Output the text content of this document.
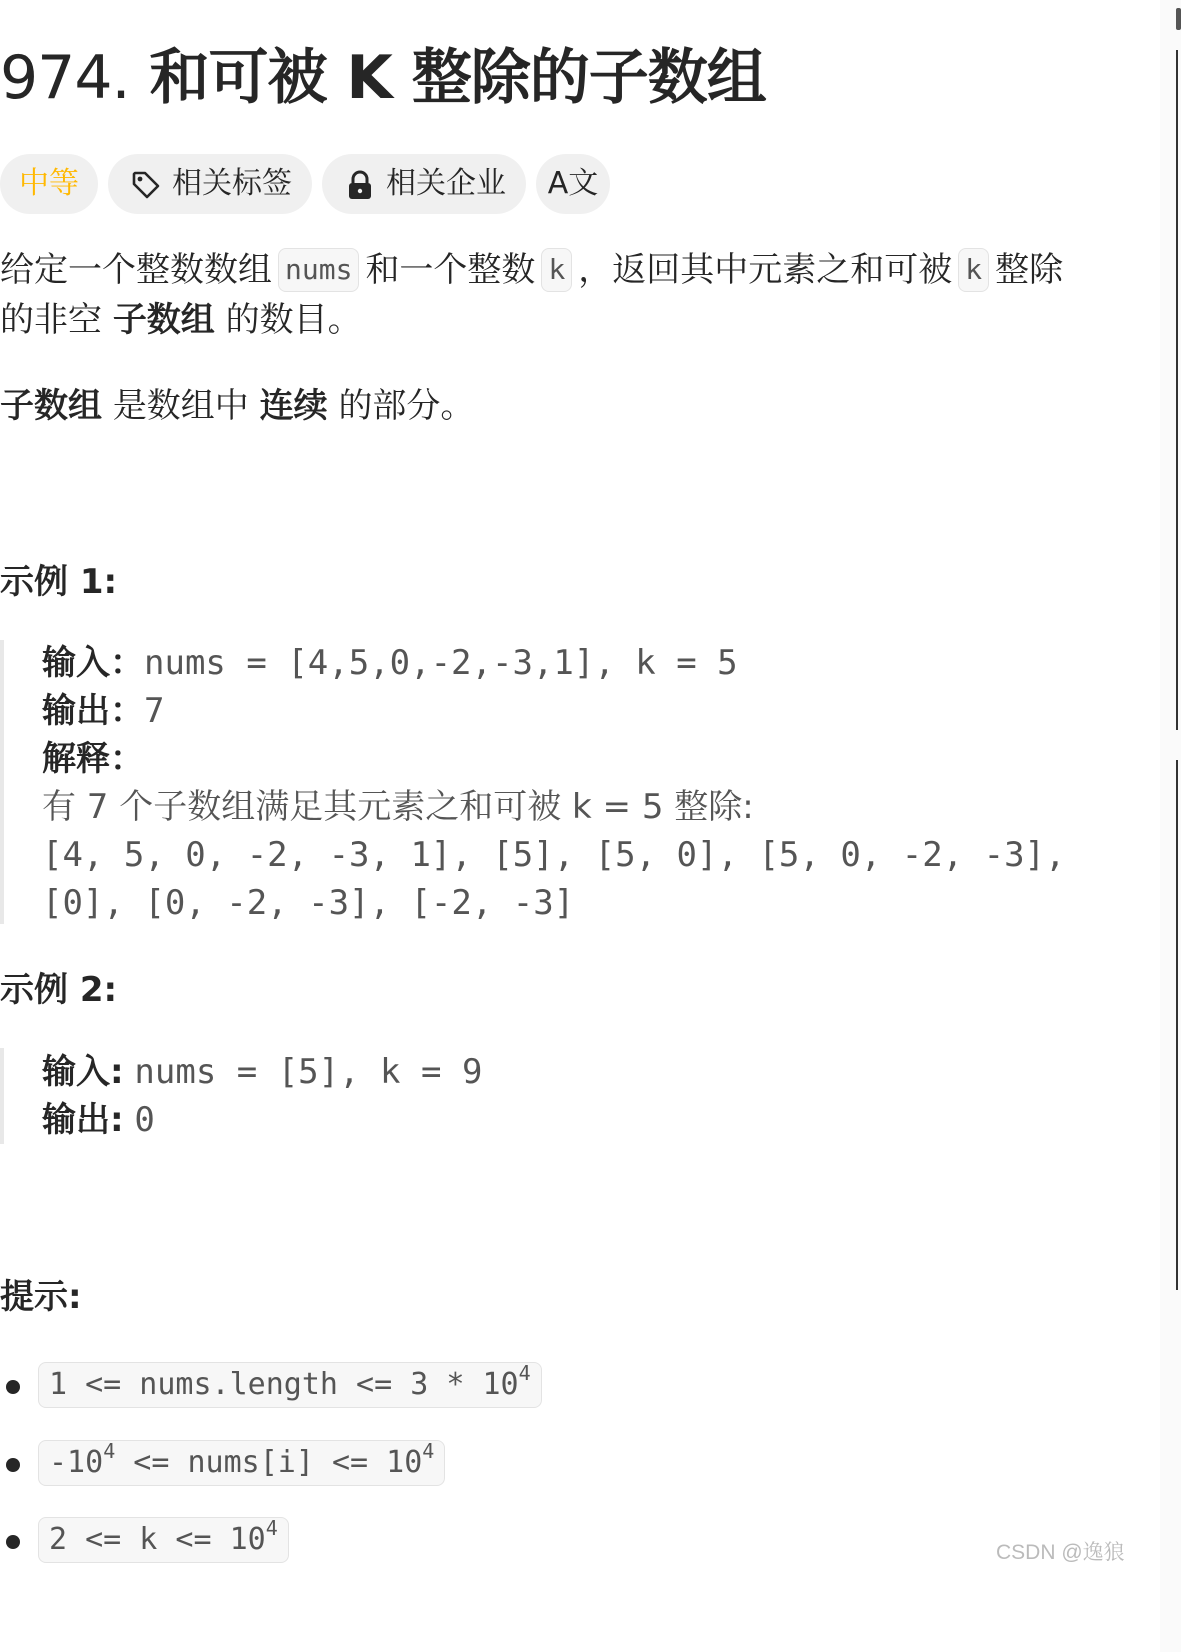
974. 和可被 K 整除的子数组
中等	相关标签	相关企业	A文
给定一个整数数组 nums 和一个整数 k ，返回其中元素之和可被 k 整除
的非空 子数组 的数目。
子数组 是数组中 连续 的部分。
示例 1:
输入：nums = [4,5,0,-2,-3,1], k = 5
输出：7
解释：
有 7 个子数组满足其元素之和可被 k = 5 整除:
[4, 5, 0, -2, -3, 1], [5], [5, 0], [5, 0, -2, -3],
[0], [0, -2, -3], [-2, -3]
示例 2:
输入: nums = [5], k = 9
输出: 0
提示:
1 <= nums.length <= $3 * 10^4$
$-10^4$ <= nums[i] <= $10^4$
$2 <= k <= 10^4$
CSDN @逸狼
